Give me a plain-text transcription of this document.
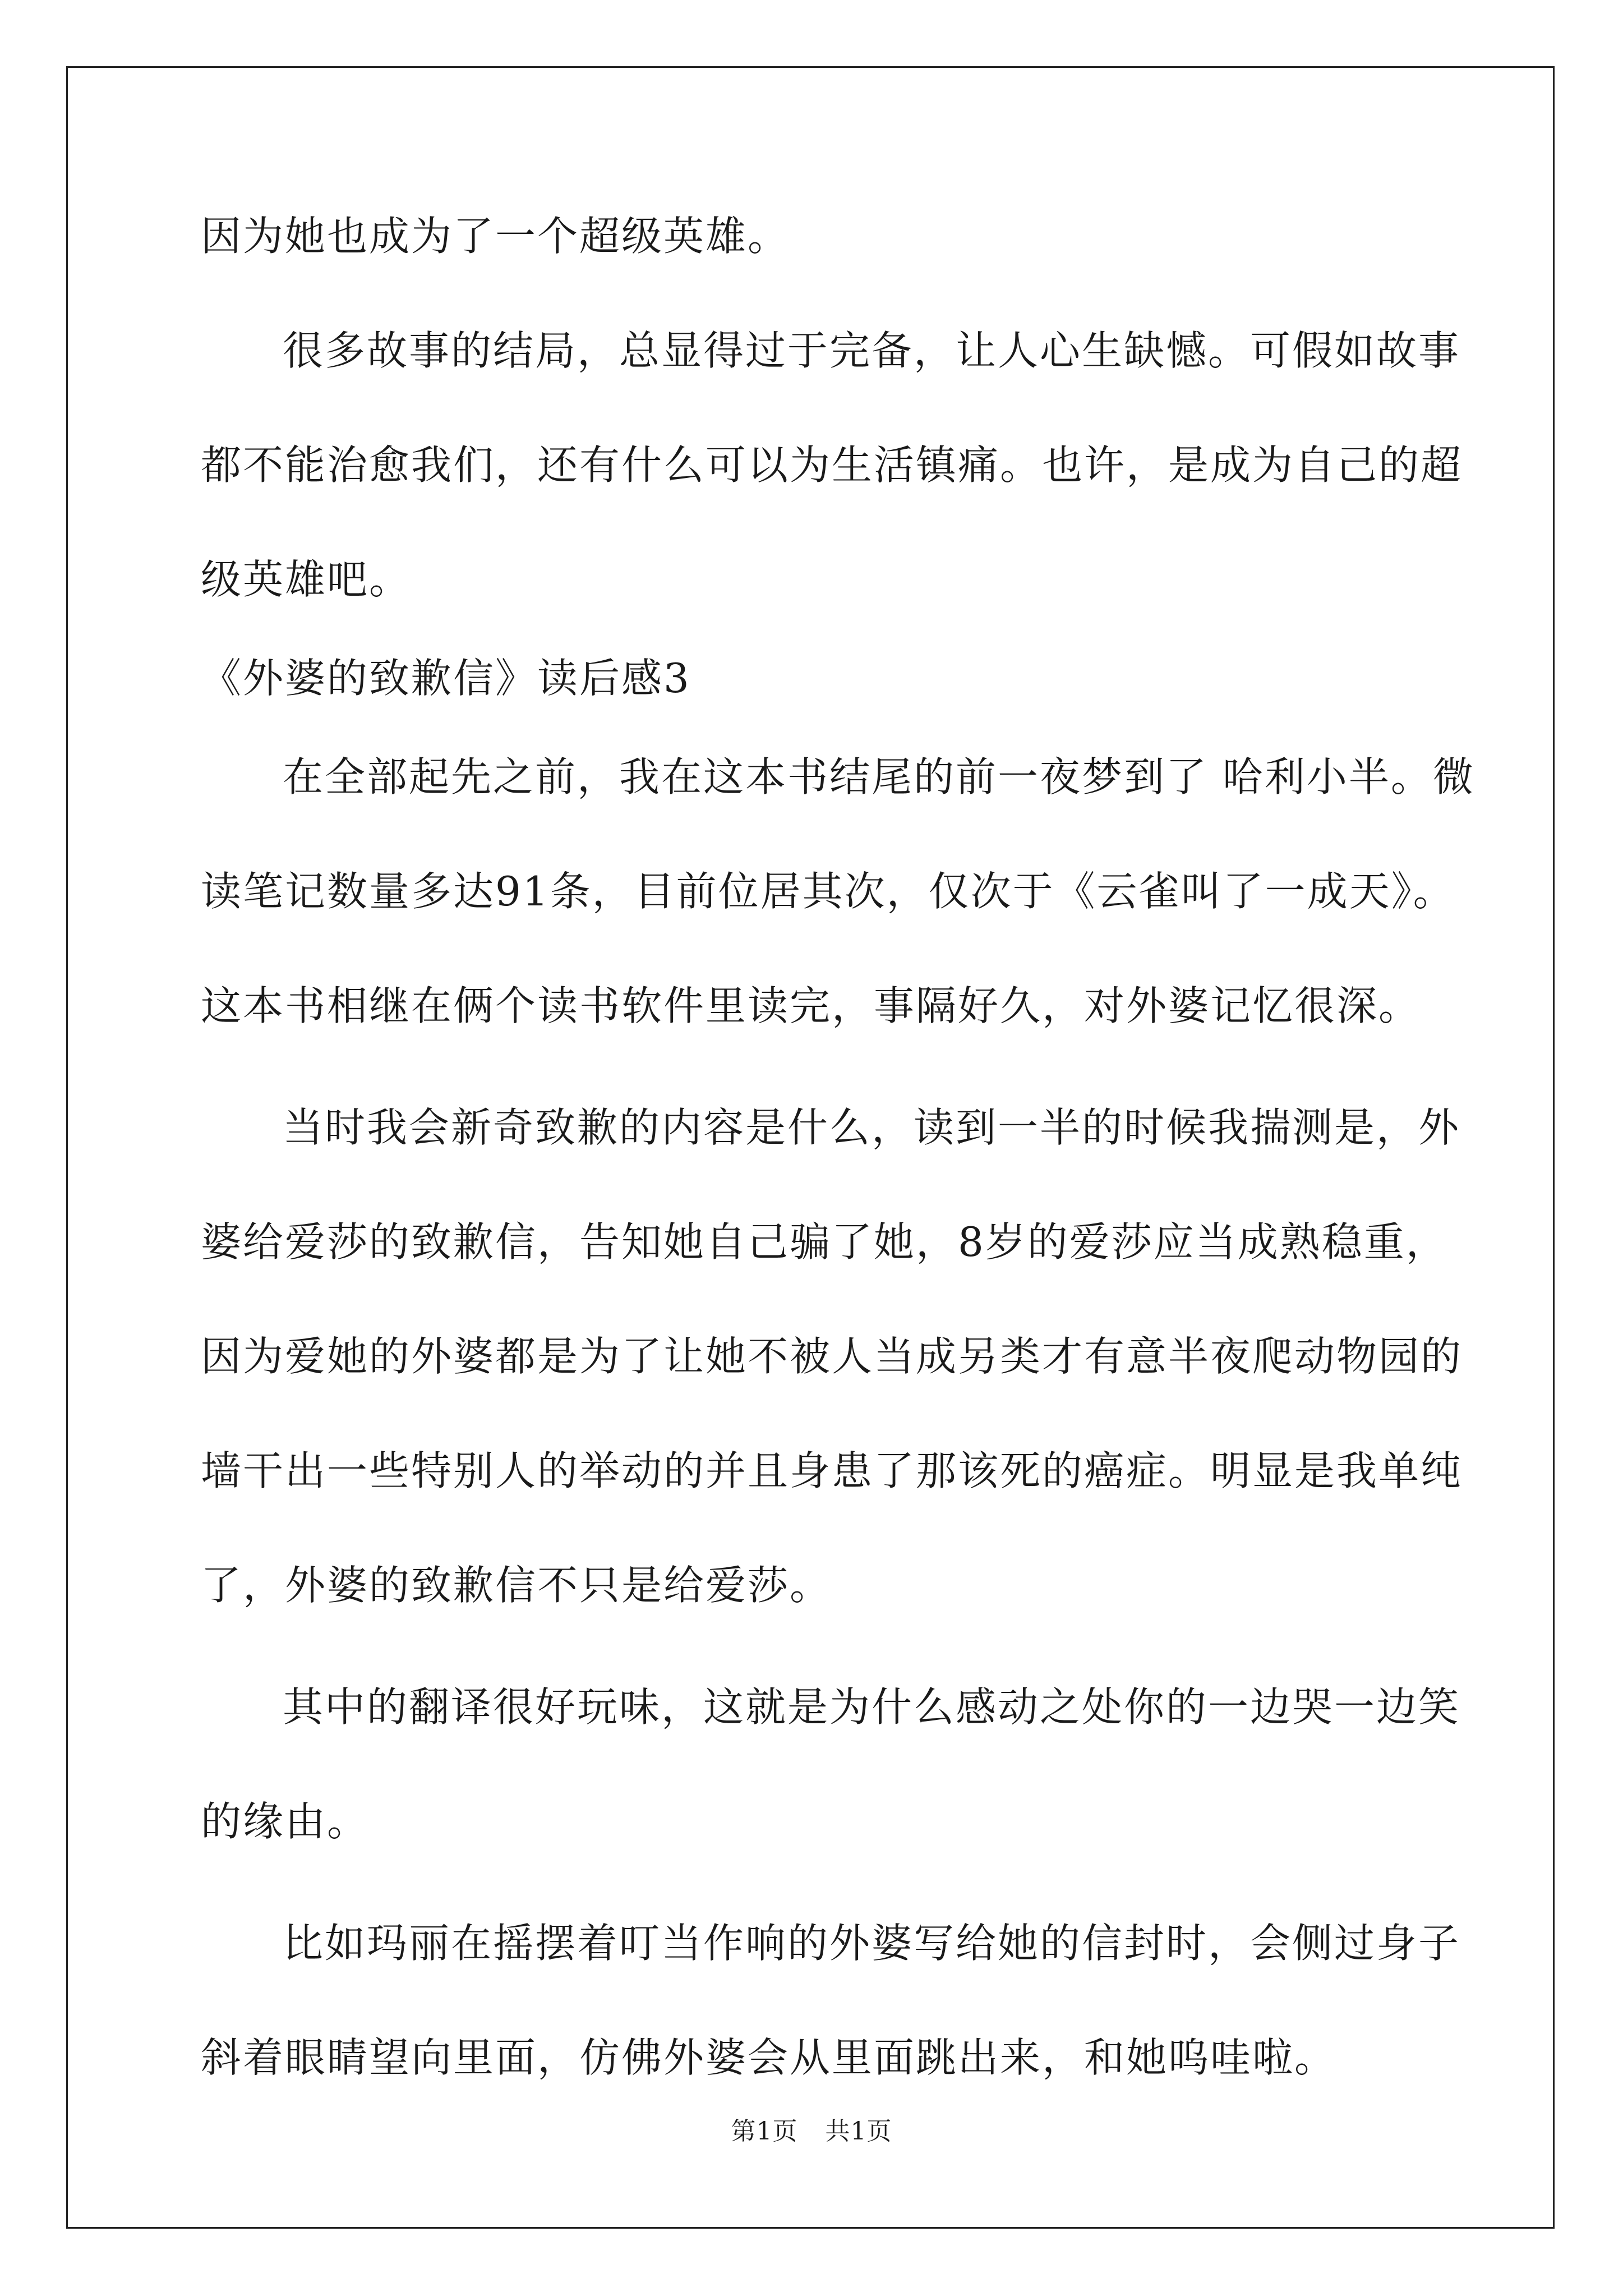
因为她也成为了一个超级英雄。
很多故事的结局，总显得过于完备，让人心生缺憾。可假如故事
都不能治愈我们，还有什么可以为生活镇痛。也许，是成为自己的超
级英雄吧。
《外婆的致歉信》读后感3
在全部起先之前，我在这本书结尾的前一夜梦到了 哈利小半。微
读笔记数量多达91条，目前位居其次，仅次于《云雀叫了一成天》。
这本书相继在俩个读书软件里读完，事隔好久，对外婆记忆很深。
当时我会新奇致歉的内容是什么，读到一半的时候我揣测是，外
婆给爱莎的致歉信，告知她自己骗了她，8岁的爱莎应当成熟稳重，
因为爱她的外婆都是为了让她不被人当成另类才有意半夜爬动物园的
墙干出一些特别人的举动的并且身患了那该死的癌症。明显是我单纯
了，外婆的致歉信不只是给爱莎。
其中的翻译很好玩味，这就是为什么感动之处你的一边哭一边笑
的缘由。
比如玛丽在摇摆着叮当作响的外婆写给她的信封时，会侧过身子
斜着眼睛望向里面，仿佛外婆会从里面跳出来，和她呜哇啦。
第1页 共1页
